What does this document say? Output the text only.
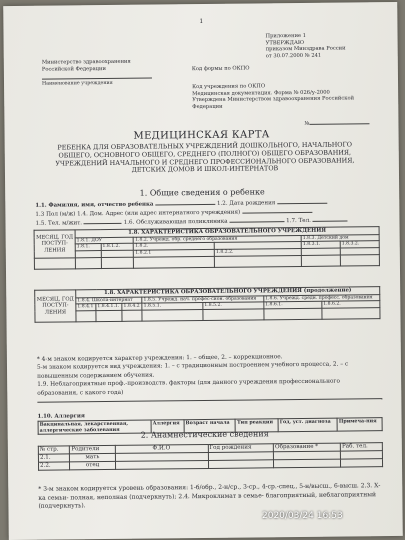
1
Приложение 1
УТВЕРЖДАЮ
приказом Минздрава России
от 30.07.2000 № 241
Министерство здравоохранения
Российской Федерации
Наименование учреждения
Код формы по ОКПО
Код учреждения по ОКПО
Медицинская документация. Форма № 026/у-2000
Утверждена Министерством здравоохранения Российской
Федерации
№
МЕДИЦИНСКАЯ КАРТА
РЕБЕНКА ДЛЯ ОБРАЗОВАТЕЛЬНЫХ УЧРЕЖДЕНИЙ ДОШКОЛЬНОГО, НАЧАЛЬНОГО ОБЩЕГО, ОСНОВНОГО ОБЩЕГО, СРЕДНЕГО (ПОЛНОГО) ОБЩЕГО ОБРАЗОВАНИЯ, УЧРЕЖДЕНИЙ НАЧАЛЬНОГО И СРЕДНЕГО ПРОФЕССИОНАЛЬНОГО ОБРАЗОВАНИЯ, ДЕТСКИХ ДОМОВ И ШКОЛ-ИНТЕРНАТОВ
1. Общие сведения о ребенке
1.1. Фамилия, имя, отчество ребенка	1.2. Дата рождения
1.3 Пол (м/ж) 1.4. Дом. Адрес (или адрес интернатного учреждения)
1.5. Тел. м/жит.	1.6. Обслуживающая поликлиника	1.7. Тел.
МЕСЯЦ, ГОД ПОСТУП-ЛЕНИЯ	1.8. ХАРАКТЕРИСТИКА ОБРАЗОВАТЕЛЬНОГО УЧРЕЖДЕНИЯ					
	1.8.1. ДОУ		1.8.2. Учрежд. обр. среднего образования		1.8.3. Детский дом	
	1.8.1.	1.8.1.2.	1.8.2.		1.8.3.1.	1.8.3.2.
			1.8.2.1	1.8.2.2.		

МЕСЯЦ, ГОД ПОСТУП-ЛЕНИЯ	1.8. ХАРАКТЕРИСТИКА ОБРАЗОВАТЕЛЬНОГО УЧРЕЖДЕНИЯ (продолжение)						
	1.8.4. Школа-интернат			1.8.5. Учрежд. нач. профес-сион. образования		1.8.6. Учрежд. средн. професс. образования	
	1.8.4.1	1.8.4.1.1.	1.8.4.2	1.8.5.1.	1.8.5.2.	1.8.6.1.	1.8.6.2.

* 4-м знаком кодируется характер учреждения: 1. – общее, 2. – коррекционное.
5-м знаком кодируется вид учреждения: 1. – с традиционным построением учебного процесса, 2. – с повышенным содержанием обучения.
1.9. Неблагоприятные проф.-производств. факторы (для данного учреждения профессионального образования, с какого года)
1.10. Аллергия
Вакцинальная, лекарственная, аллергические заболевания	Аллергия	Возраст начала	Тип реакции	Год, уст. диагноза	Примеча-ния
2. Анамнестические сведения
№ стр.	Родители	Ф.И.О	Год рождения	Образование *	Раб. тел.
2.1.	мать				
2.2.	отец				
* 3-м знаком кодируется уровень образования: 1-б/обр., 2-н/ср., 3-ср., 4-ср.-спец., 5-н/высш., 6-высш. 2.3. Х-ка семьи- полная, неполная (подчеркнуть); 2.4. Микроклимат в семье- благоприятный, неблагоприятный (подчеркнуть).
2020/03/24 16:53
